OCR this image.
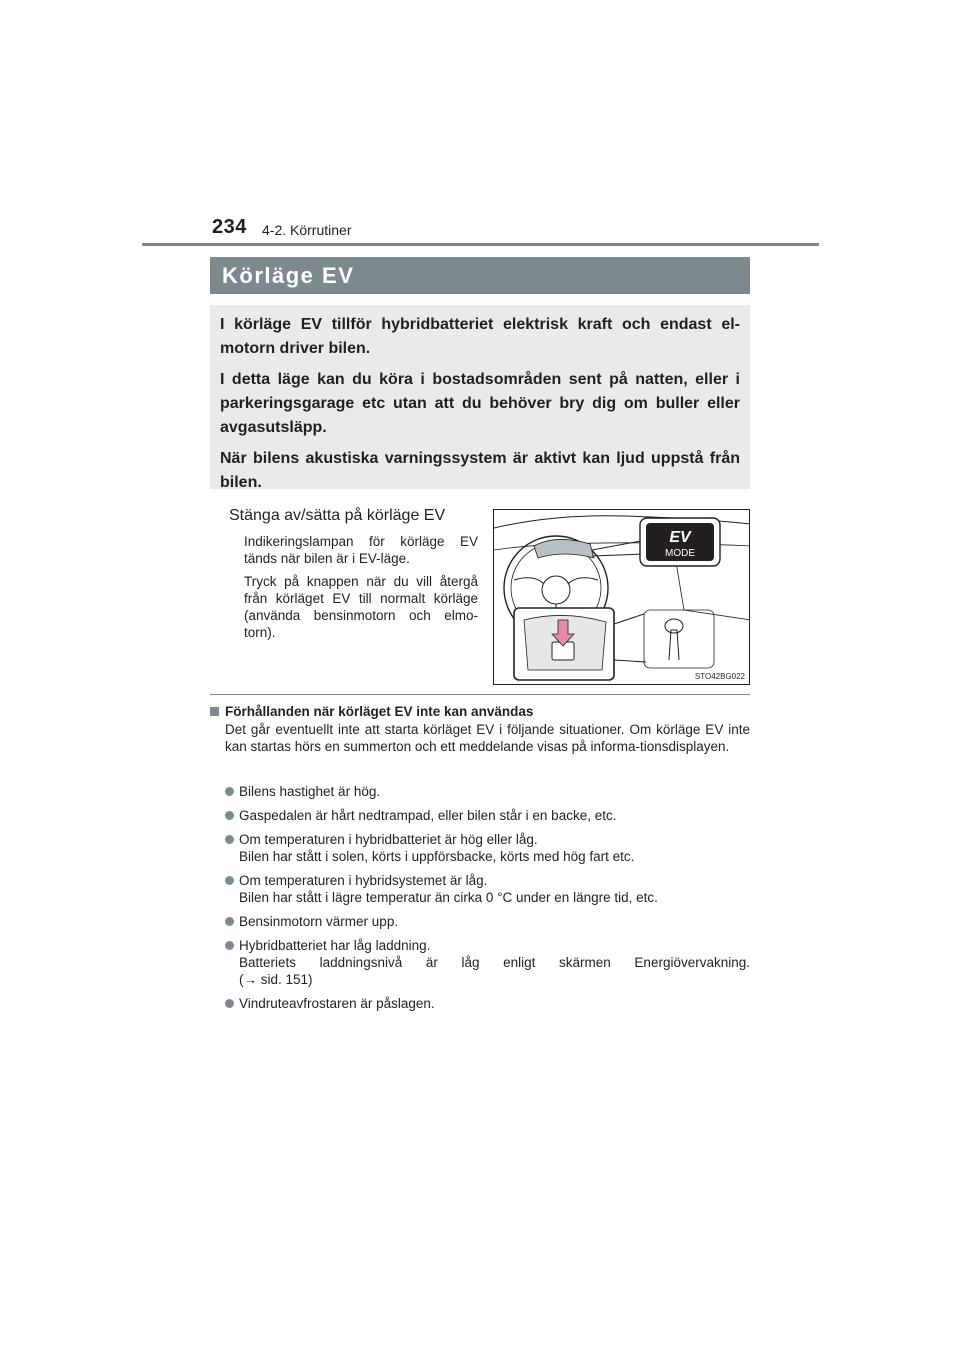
234 4-2. Körrutiner
Körläge EV

I körläge EV tillför hybridbatteriet elektrisk kraft och endast el-motorn driver bilen.

I detta läge kan du köra i bostadsområden sent på natten, eller i parkeringsgarage etc utan att du behöver bry dig om buller eller avgasutsläpp.

När bilens akustiska varningssystem är aktivt kan ljud uppstå från bilen.

Stänga av/sätta på körläge EV

Indikeringslampan för körläge EV tänds när bilen är i EV-läge.

Tryck på knappen när du vill återgå från körläget EV till normalt körläge (använda bensinmotorn och elmo-torn).

EV
MODE
STO42BG022
Förhållanden när körläget EV inte kan användas
Det går eventuellt inte att starta körläget EV i följande situationer. Om körläge EV inte kan startas hörs en summerton och ett meddelande visas på informa-tionsdisplayen.
Bilens hastighet är hög.
Gaspedalen är hårt nedtrampad, eller bilen står i en backe, etc.
Om temperaturen i hybridbatteriet är hög eller låg.
Bilen har stått i solen, körts i uppförsbacke, körts med hög fart etc.
Om temperaturen i hybridsystemet är låg.
Bilen har stått i lägre temperatur än cirka 0 °C under en längre tid, etc.
Bensinmotorn värmer upp.
Hybridbatteriet har låg laddning.
Batteriets laddningsnivå är låg enligt skärmen Energiövervakning.
(→ sid. 151)
Vindruteavfrostaren är påslagen.
